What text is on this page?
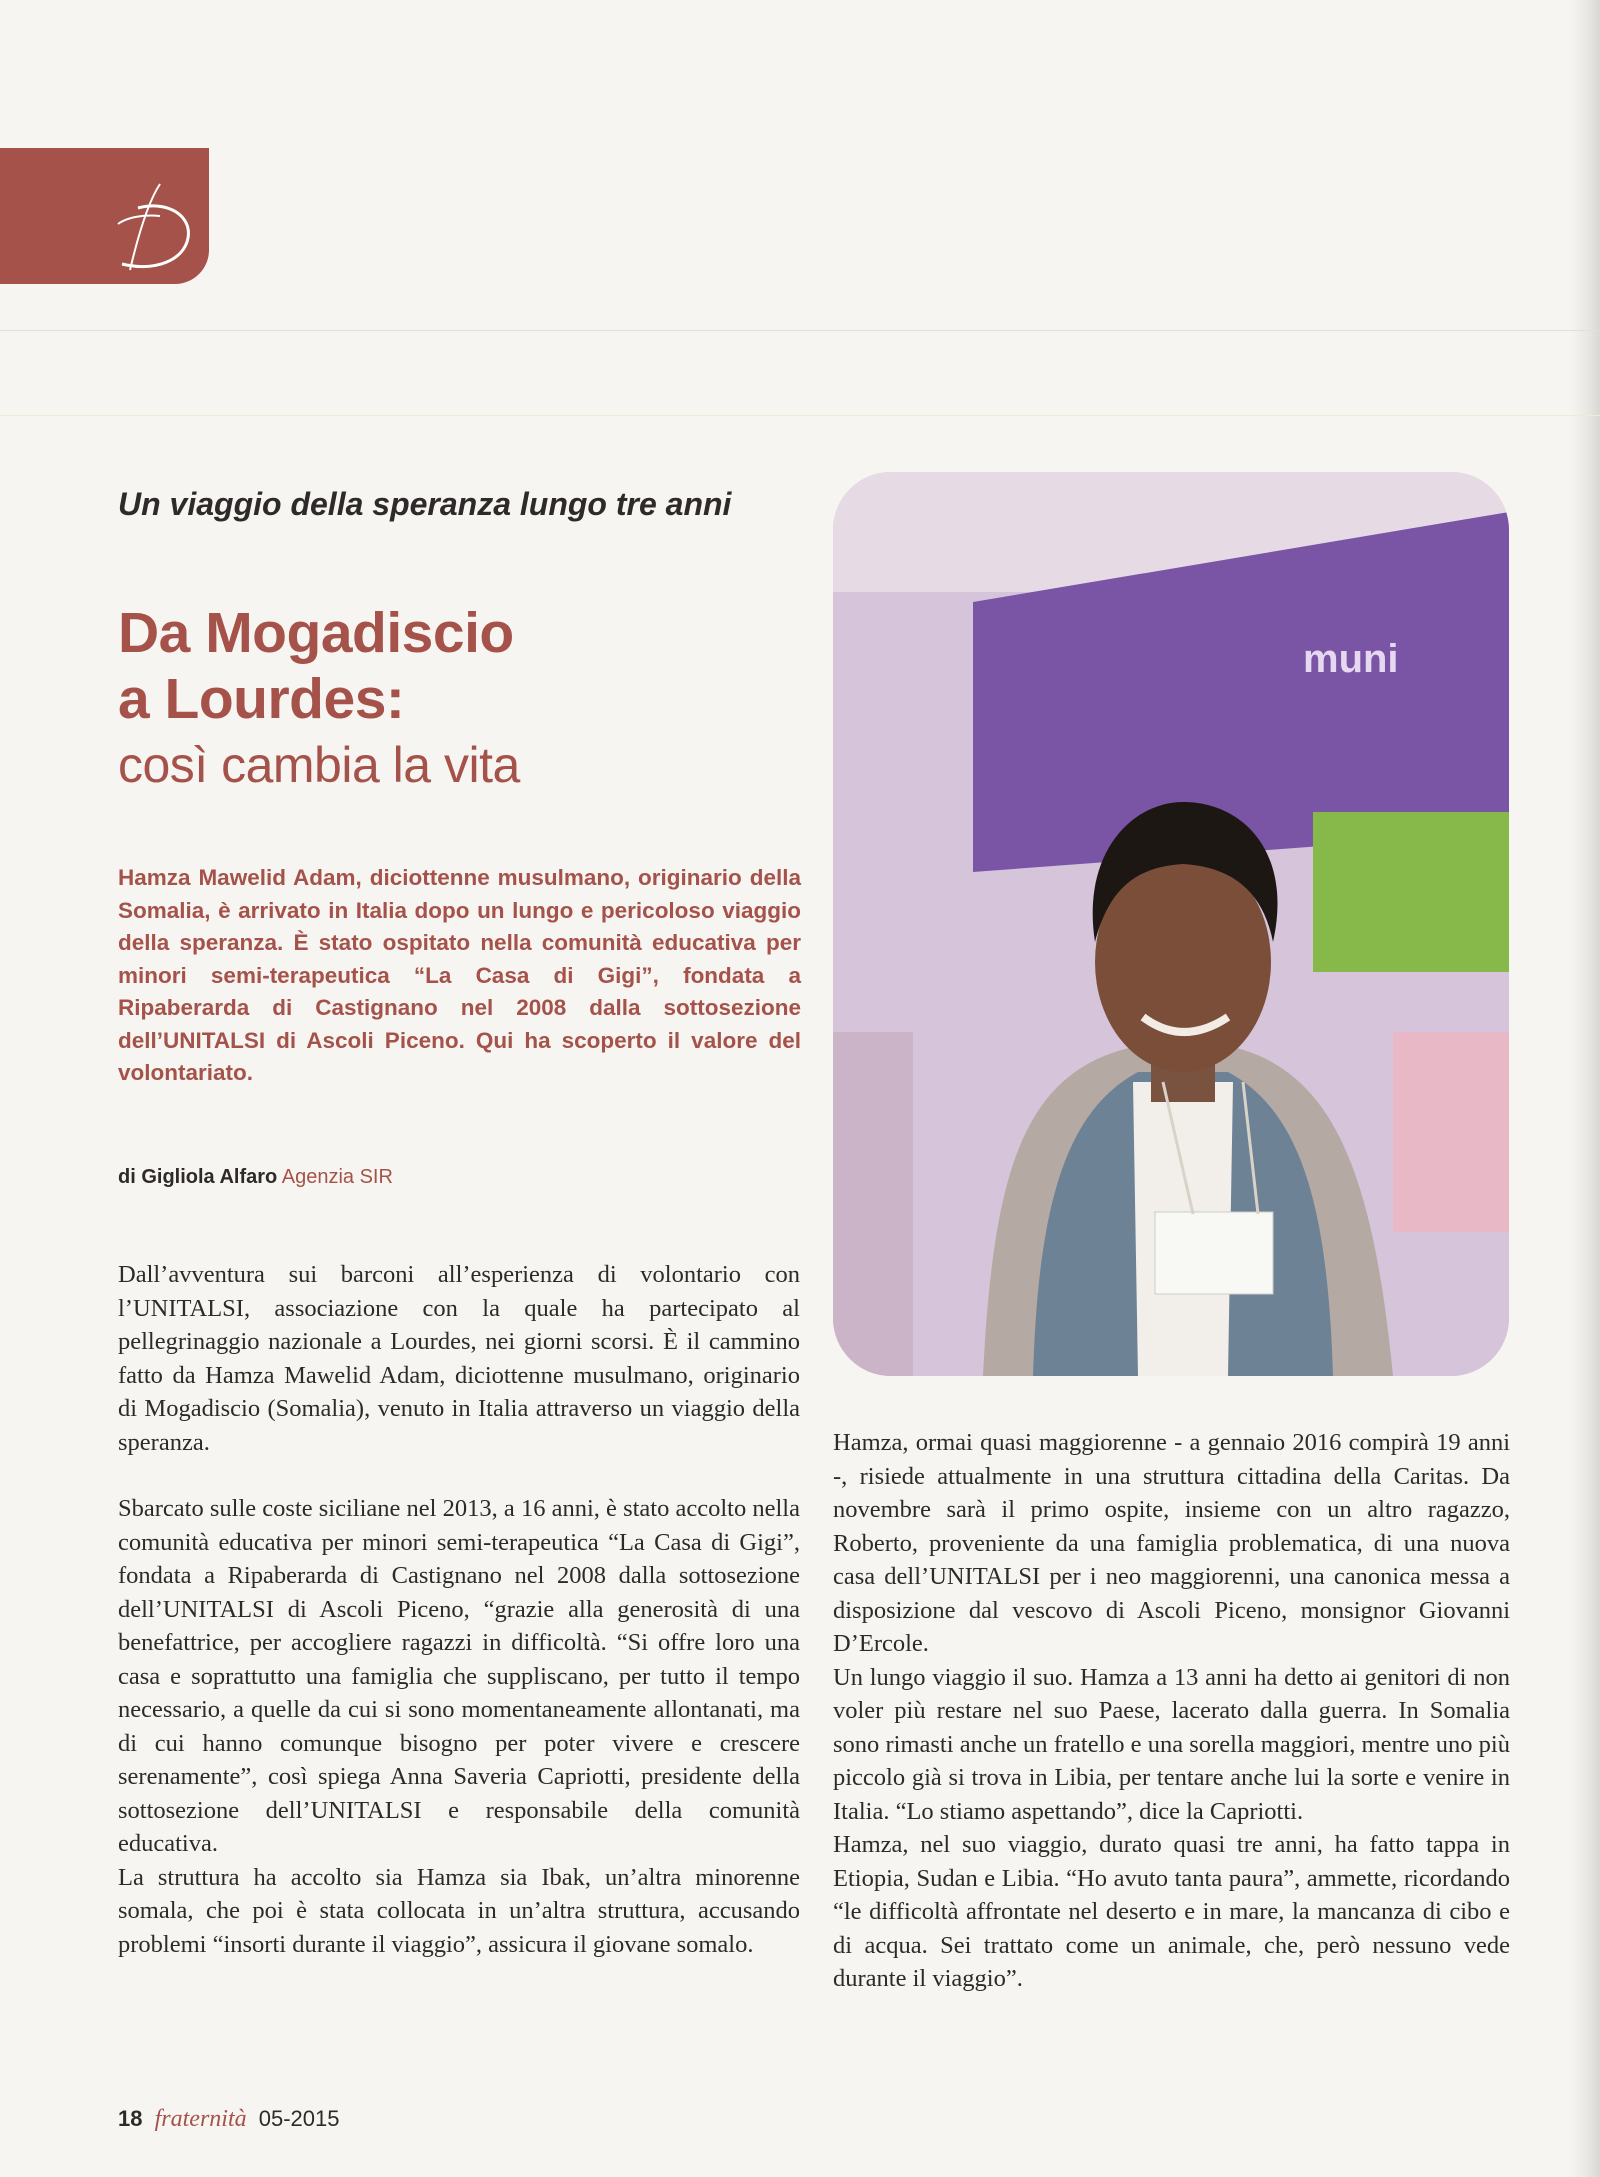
Un viaggio della speranza lungo tre anni
Da Mogadiscio
a Lourdes:
così cambia la vita

Hamza Mawelid Adam, diciottenne musulmano, originario della Somalia, è arrivato in Italia dopo un lungo e pericoloso viaggio della speranza. È stato ospitato nella comunità educativa per minori semi-terapeutica “La Casa di Gigi”, fondata a Ripaberarda di Castignano nel 2008 dalla sottosezione dell’UNITALSI di Ascoli Piceno. Qui ha scoperto il valore del volontariato.

di Gigliola Alfaro Agenzia SIR

muni

Dall’avventura sui barconi all’esperienza di volontario con l’UNITALSI, associazione con la quale ha partecipato al pellegrinaggio nazionale a Lourdes, nei giorni scorsi. È il cammino fatto da Hamza Mawelid Adam, diciottenne musulmano, originario di Mogadiscio (Somalia), venuto in Italia attraverso un viaggio della speranza.

Sbarcato sulle coste siciliane nel 2013, a 16 anni, è stato accolto nella comunità educativa per minori semi-terapeutica “La Casa di Gigi”, fondata a Ripaberarda di Castignano nel 2008 dalla sottosezione dell’UNITALSI di Ascoli Piceno, “grazie alla generosità di una benefattrice, per accogliere ragazzi in difficoltà. “Si offre loro una casa e soprattutto una famiglia che suppliscano, per tutto il tempo necessario, a quelle da cui si sono momentaneamente allontanati, ma di cui hanno comunque bisogno per poter vivere e crescere serenamente”, così spiega Anna Saveria Capriotti, presidente della sottosezione dell’UNITALSI e responsabile della comunità educativa.

La struttura ha accolto sia Hamza sia Ibak, un’altra minorenne somala, che poi è stata collocata in un’altra struttura, accusando problemi “insorti durante il viaggio”, assicura il giovane somalo.

Hamza, ormai quasi maggiorenne - a gennaio 2016 compirà 19 anni -, risiede attualmente in una struttura cittadina della Caritas. Da novembre sarà il primo ospite, insieme con un altro ragazzo, Roberto, proveniente da una famiglia problematica, di una nuova casa dell’UNITALSI per i neo maggiorenni, una canonica messa a disposizione dal vescovo di Ascoli Piceno, monsignor Giovanni D’Ercole.

Un lungo viaggio il suo. Hamza a 13 anni ha detto ai genitori di non voler più restare nel suo Paese, lacerato dalla guerra. In Somalia sono rimasti anche un fratello e una sorella maggiori, mentre uno più piccolo già si trova in Libia, per tentare anche lui la sorte e venire in Italia. “Lo stiamo aspettando”, dice la Capriotti.

Hamza, nel suo viaggio, durato quasi tre anni, ha fatto tappa in Etiopia, Sudan e Libia. “Ho avuto tanta paura”, ammette, ricordando “le difficoltà affrontate nel deserto e in mare, la mancanza di cibo e di acqua. Sei trattato come un animale, che, però nessuno vede durante il viaggio”.

18 fraternità 05-2015
